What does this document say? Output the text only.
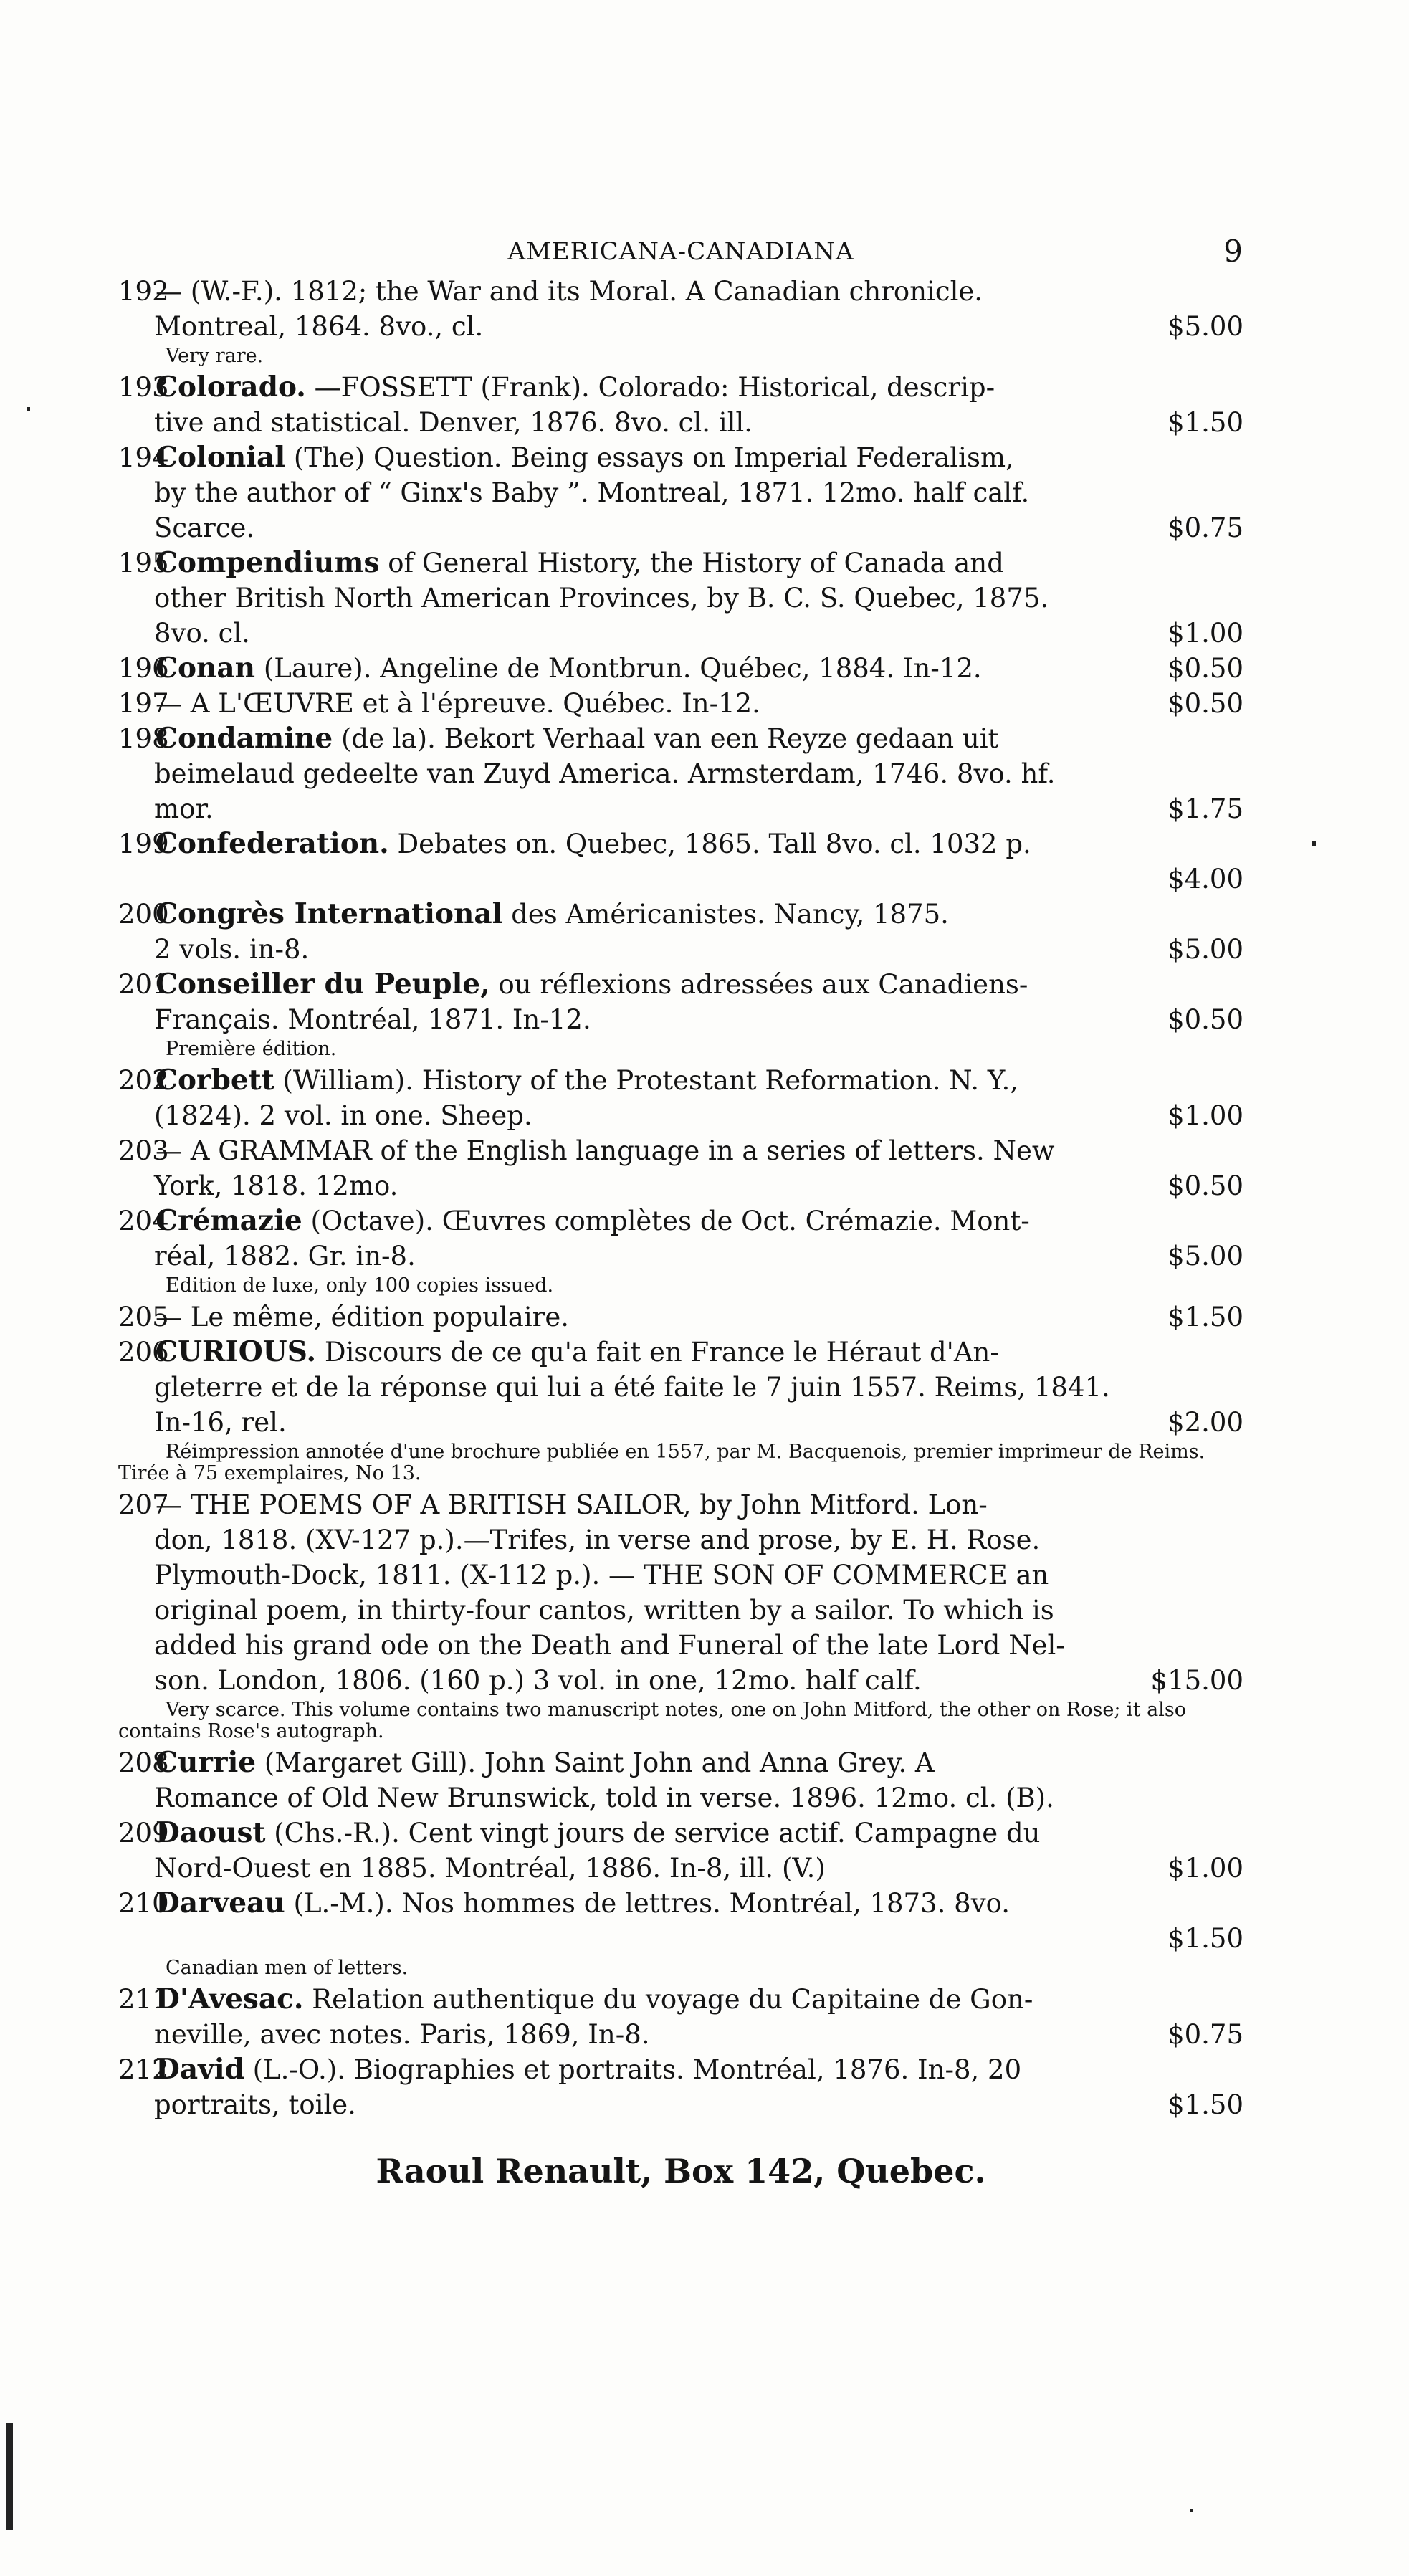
AMERICANA-CANADIANA	9
192— (W.-F.). 1812; the War and its Moral. A Canadian chronicle.
Montreal, 1864. 8vo., cl.	$5.00
Very rare.
193Colorado. —FOSSETT (Frank). Colorado: Historical, descrip-
tive and statistical. Denver, 1876. 8vo. cl. ill.	$1.50
194Colonial (The) Question. Being essays on Imperial Federalism,
by the author of “ Ginx's Baby ”. Montreal, 1871. 12mo. half calf.
Scarce.	$0.75
195Compendiums of General History, the History of Canada and
other British North American Provinces, by B. C. S. Quebec, 1875.
8vo. cl.	$1.00
196Conan (Laure). Angeline de Montbrun. Québec, 1884. In-12.	$0.50
197— A L'ŒUVRE et à l'épreuve. Québec. In-12.	$0.50
198Condamine (de la). Bekort Verhaal van een Reyze gedaan uit
beimelaud gedeelte van Zuyd America. Armsterdam, 1746. 8vo. hf.
mor.	$1.75
199Confederation. Debates on. Quebec, 1865. Tall 8vo. cl. 1032 p.
$4.00
200Congrès International des Américanistes. Nancy, 1875.
2 vols. in-8.	$5.00
201Conseiller du Peuple, ou réflexions adressées aux Canadiens-
Français. Montréal, 1871. In-12.	$0.50
Première édition.
202Corbett (William). History of the Protestant Reformation. N. Y.,
(1824). 2 vol. in one. Sheep.	$1.00
203— A GRAMMAR of the English language in a series of letters. New
York, 1818. 12mo.	$0.50
204Crémazie (Octave). Œuvres complètes de Oct. Crémazie. Mont-
réal, 1882. Gr. in-8.	$5.00
Edition de luxe, only 100 copies issued.
205— Le même, édition populaire.	$1.50
206CURIOUS. Discours de ce qu'a fait en France le Héraut d'An-
gleterre et de la réponse qui lui a été faite le 7 juin 1557. Reims, 1841.
In-16, rel.	$2.00
Réimpression annotée d'une brochure publiée en 1557, par M. Bacquenois, premier imprimeur de Reims. Tirée à 75 exemplaires, No 13.
207— THE POEMS OF A BRITISH SAILOR, by John Mitford. Lon-
don, 1818. (XV-127 p.).—Trifes, in verse and prose, by E. H. Rose.
Plymouth-Dock, 1811. (X-112 p.). — THE SON OF COMMERCE an
original poem, in thirty-four cantos, written by a sailor. To which is
added his grand ode on the Death and Funeral of the late Lord Nel-
son. London, 1806. (160 p.) 3 vol. in one, 12mo. half calf.	$15.00
Very scarce. This volume contains two manuscript notes, one on John Mitford, the other on Rose; it also contains Rose's autograph.
208Currie (Margaret Gill). John Saint John and Anna Grey. A
Romance of Old New Brunswick, told in verse. 1896. 12mo. cl. (B).
209Daoust (Chs.-R.). Cent vingt jours de service actif. Campagne du
Nord-Ouest en 1885. Montréal, 1886. In-8, ill. (V.)	$1.00
210Darveau (L.-M.). Nos hommes de lettres. Montréal, 1873. 8vo.
$1.50
Canadian men of letters.
211D'Avesac. Relation authentique du voyage du Capitaine de Gon-
neville, avec notes. Paris, 1869, In-8.	$0.75
212David (L.-O.). Biographies et portraits. Montréal, 1876. In-8, 20
portraits, toile.	$1.50
Raoul Renault, Box 142, Quebec.
